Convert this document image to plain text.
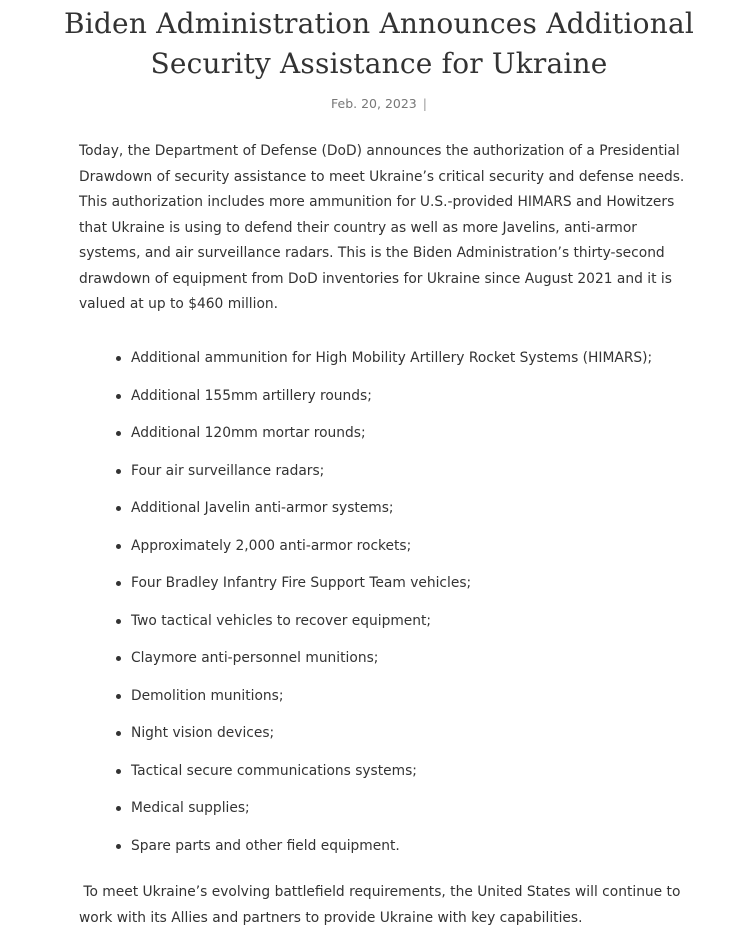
Biden Administration Announces Additional
Security Assistance for Ukraine
Feb. 20, 2023 |

Today, the Department of Defense (DoD) announces the authorization of a Presidential Drawdown of security assistance to meet Ukraine’s critical security and defense needs. This authorization includes more ammunition for U.S.-provided HIMARS and Howitzers that Ukraine is using to defend their country as well as more Javelins, anti-armor systems, and air surveillance radars. This is the Biden Administration’s thirty-second drawdown of equipment from DoD inventories for Ukraine since August 2021 and it is valued at up to $460 million.

Additional ammunition for High Mobility Artillery Rocket Systems (HIMARS);
Additional 155mm artillery rounds;
Additional 120mm mortar rounds;
Four air surveillance radars;
Additional Javelin anti-armor systems;
Approximately 2,000 anti-armor rockets;
Four Bradley Infantry Fire Support Team vehicles;
Two tactical vehicles to recover equipment;
Claymore anti-personnel munitions;
Demolition munitions;
Night vision devices;
Tactical secure communications systems;
Medical supplies;
Spare parts and other field equipment.

To meet Ukraine’s evolving battlefield requirements, the United States will continue to work with its Allies and partners to provide Ukraine with key capabilities.
